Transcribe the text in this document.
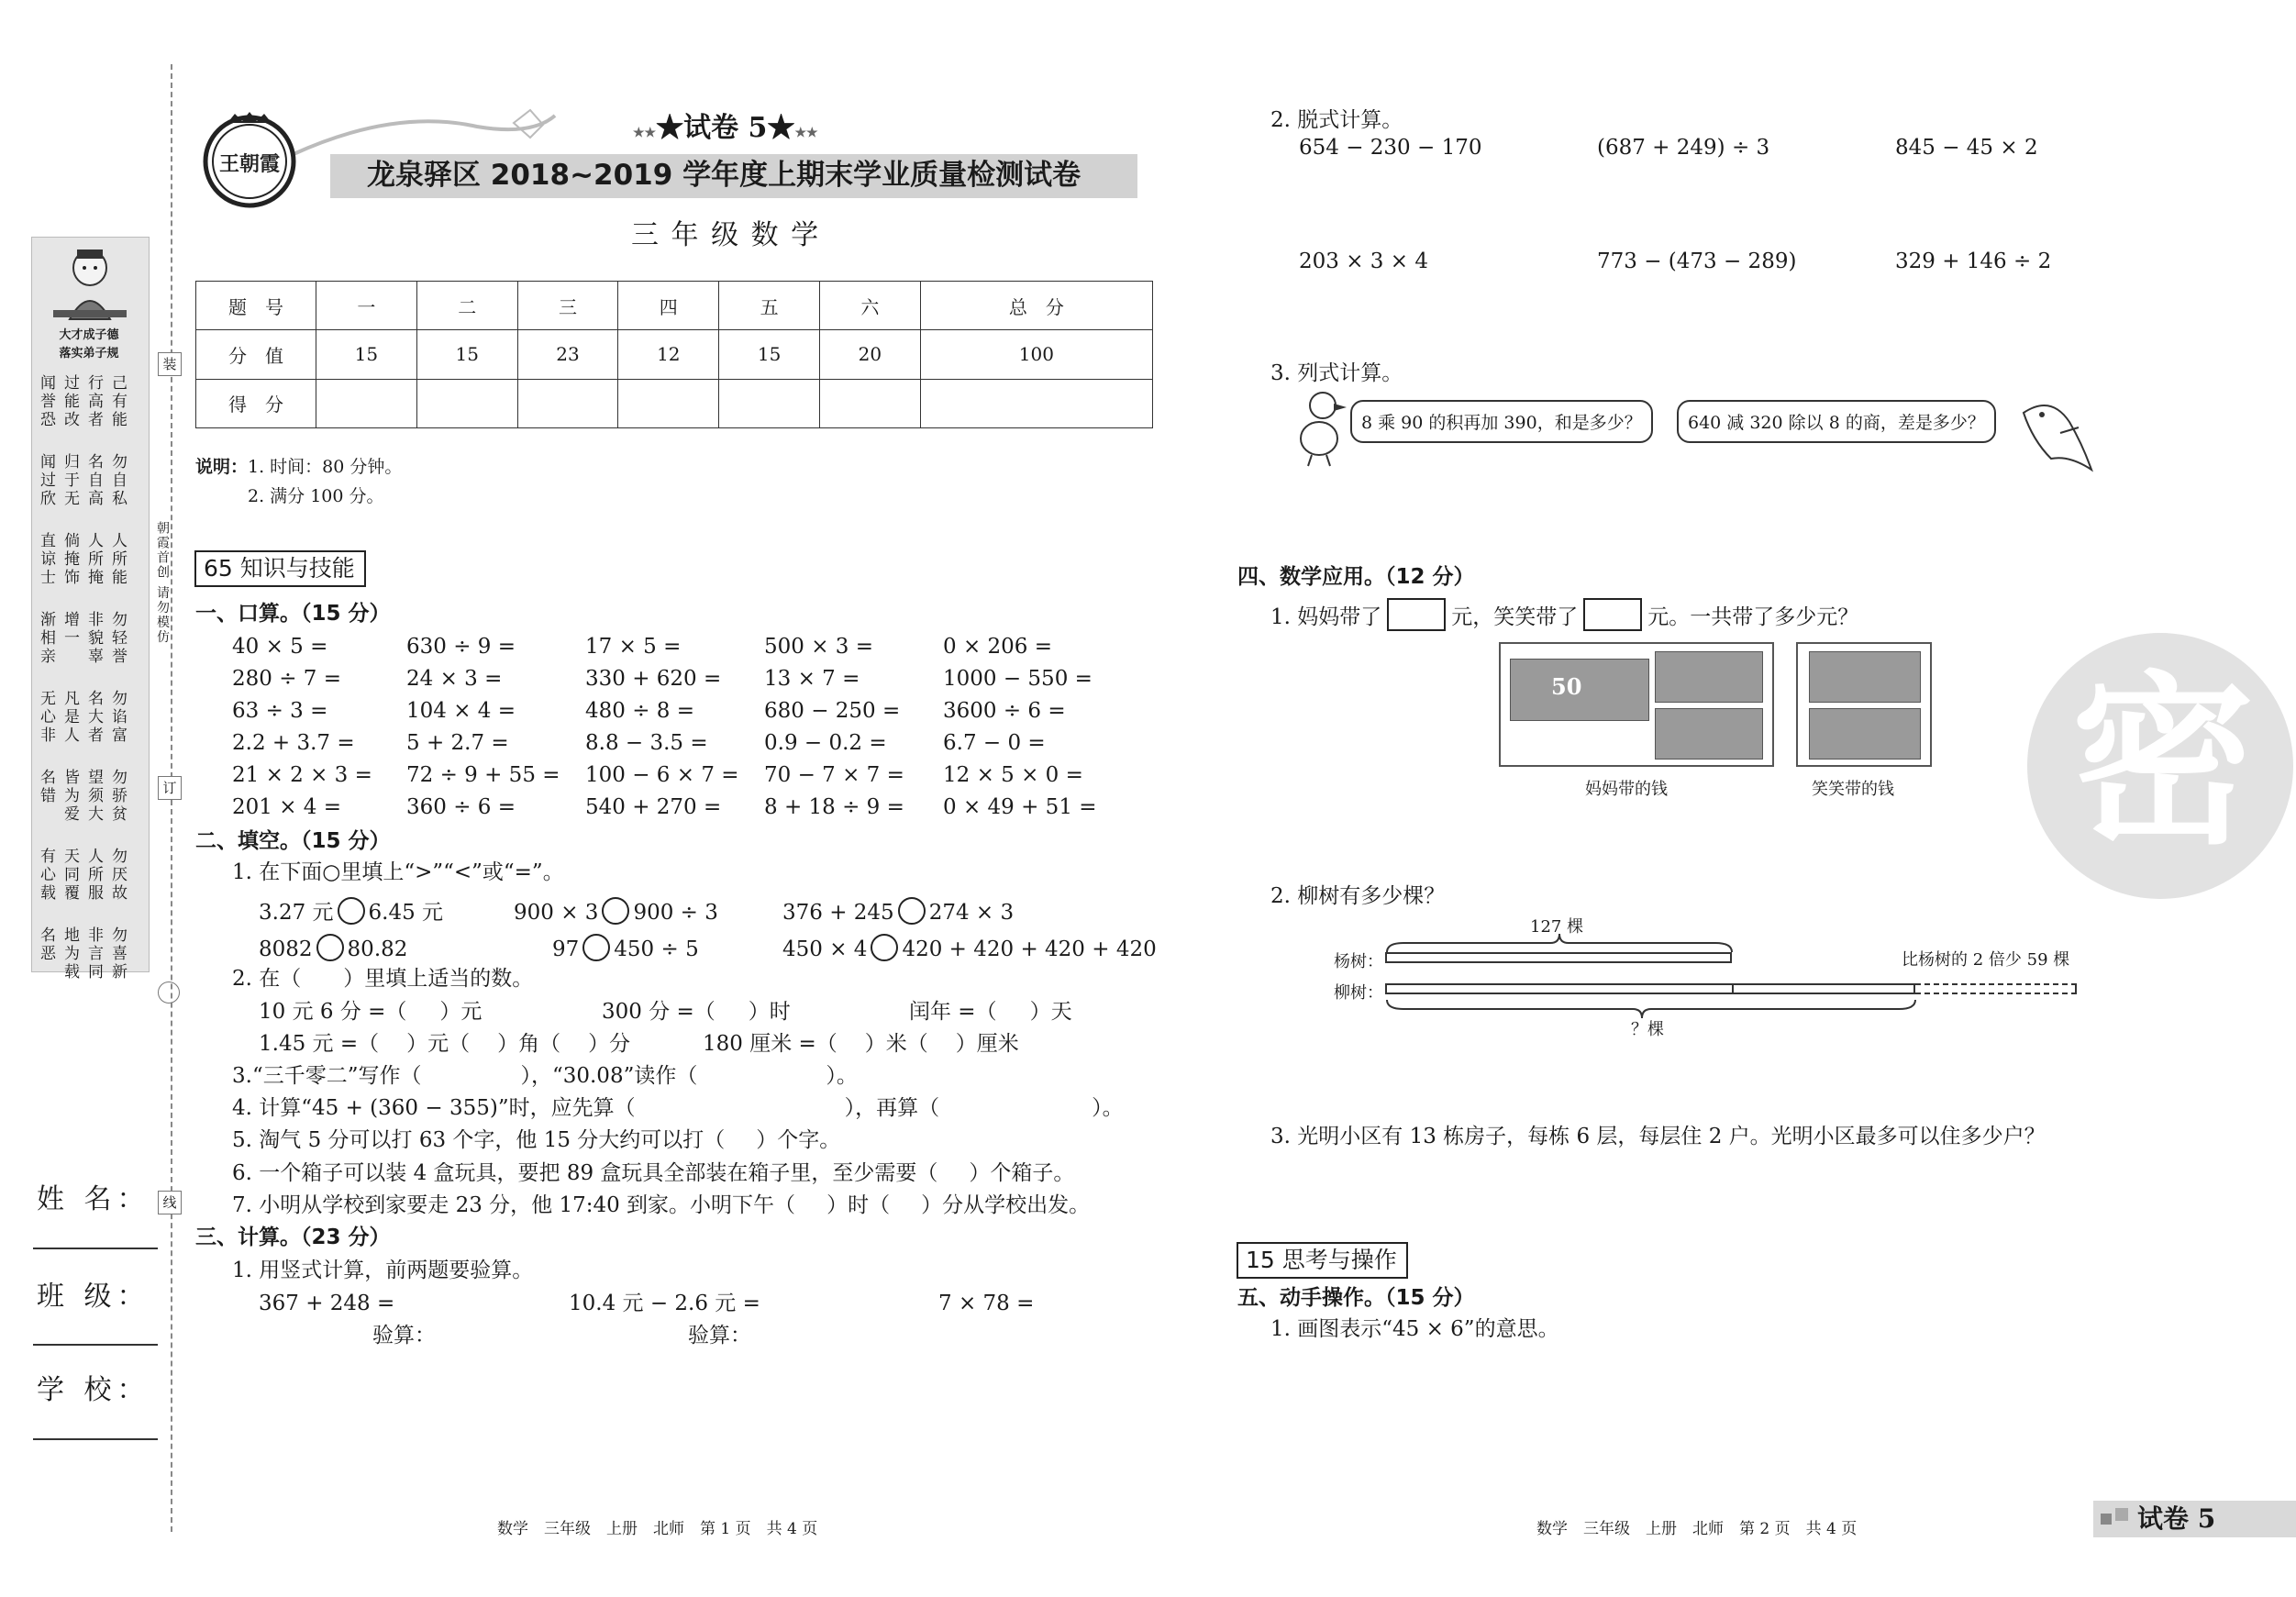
大才成子德
落实弟子规
己有能
行高者
过能改
闻誉恐
勿自私
名自高
归于无
闻过欣
人所能
人所掩
倘掩饰
直谅士
勿轻誉
非貌辜
增一
渐相亲
勿谄富
名大者
凡是人
无心非
勿骄贫
望须大
皆为爱
名错
勿厌故
人所服
天同覆
有心载
勿喜新
非言同
地为载
名恶
装
朝霞首创 请勿模仿
订
线
姓 名：
班 级：
学 校：
王朝霞
★★★试卷 5★★★
龙泉驿区 2018~2019 学年度上期末学业质量检测试卷
三 年 级 数 学
题　号	一	二	三	四	五	六	总　分
分　值	15	15	23	12	15	20	100
得　分							
说明：1. 时间：80 分钟。
2. 满分 100 分。
65 知识与技能
一、口算。（15 分）
40 × 5 =	630 ÷ 9 =	17 × 5 =	500 × 3 =	0 × 206 =
280 ÷ 7 =	24 × 3 =	330 + 620 = 13 × 7 =	1000 − 550 =
63 ÷ 3 =	104 × 4 =	480 ÷ 8 =	680 − 250 = 3600 ÷ 6 =
2.2 + 3.7 = 5 + 2.7 =	8.8 − 3.5 =	0.9 − 0.2 =	6.7 − 0 =
21 × 2 × 3 = 72 ÷ 9 + 55 = 100 − 6 × 7 = 70 − 7 × 7 = 12 × 5 × 0 =
201 × 4 =	360 ÷ 6 =	540 + 270 = 8 + 18 ÷ 9 = 0 × 49 + 51 =
二、填空。（15 分）
1. 在下面○里填上“>”“<”或“=”。
3.27 元 6.45 元	900 × 3 900 ÷ 3	376 + 245 274 × 3
8082 80.82	97 450 ÷ 5	450 × 4 420 + 420 + 420 + 420
2. 在（　　）里填上适当的数。
10 元 6 分 =（ ）元	300 分 =（ ）时	闰年 =（ ）天
1.45 元 =（ ）元（ ）角（ ）分	180 厘米 =（ ）米（ ）厘米
3.“三千零二”写作（	），“30.08”读作（	）。
4. 计算“45 + (360 − 355)”时，应先算（	），再算（	）。
5. 淘气 5 分可以打 63 个字，他 15 分大约可以打（ ）个字。
6. 一个箱子可以装 4 盒玩具，要把 89 盒玩具全部装在箱子里，至少需要（ ）个箱子。
7. 小明从学校到家要走 23 分，他 17:40 到家。小明下午（ ）时（ ）分从学校出发。
三、计算。（23 分）
1. 用竖式计算，前两题要验算。
367 + 248 =	10.4 元 − 2.6 元 =	7 × 78 =
验算：	验算：
2. 脱式计算。
654 − 230 − 170	(687 + 249) ÷ 3	845 − 45 × 2
203 × 3 × 4	773 − (473 − 289)	329 + 146 ÷ 2
3. 列式计算。
8 乘 90 的积再加 390，和是多少？	640 减 320 除以 8 的商，差是多少？
四、数学应用。（12 分）
1. 妈妈带了	元，笑笑带了	元。一共带了多少元？
50
妈妈带的钱	笑笑带的钱
2. 柳树有多少棵？
127 棵
杨树：	比杨树的 2 倍少 59 棵
柳树：
？棵
3. 光明小区有 13 栋房子，每栋 6 层，每层住 2 户。光明小区最多可以住多少户？
15 思考与操作
五、动手操作。（15 分）
1. 画图表示“45 × 6”的意思。
密
数学　三年级　上册　北师　第 1 页　共 4 页	数学　三年级　上册　北师　第 2 页　共 4 页	试卷 5
